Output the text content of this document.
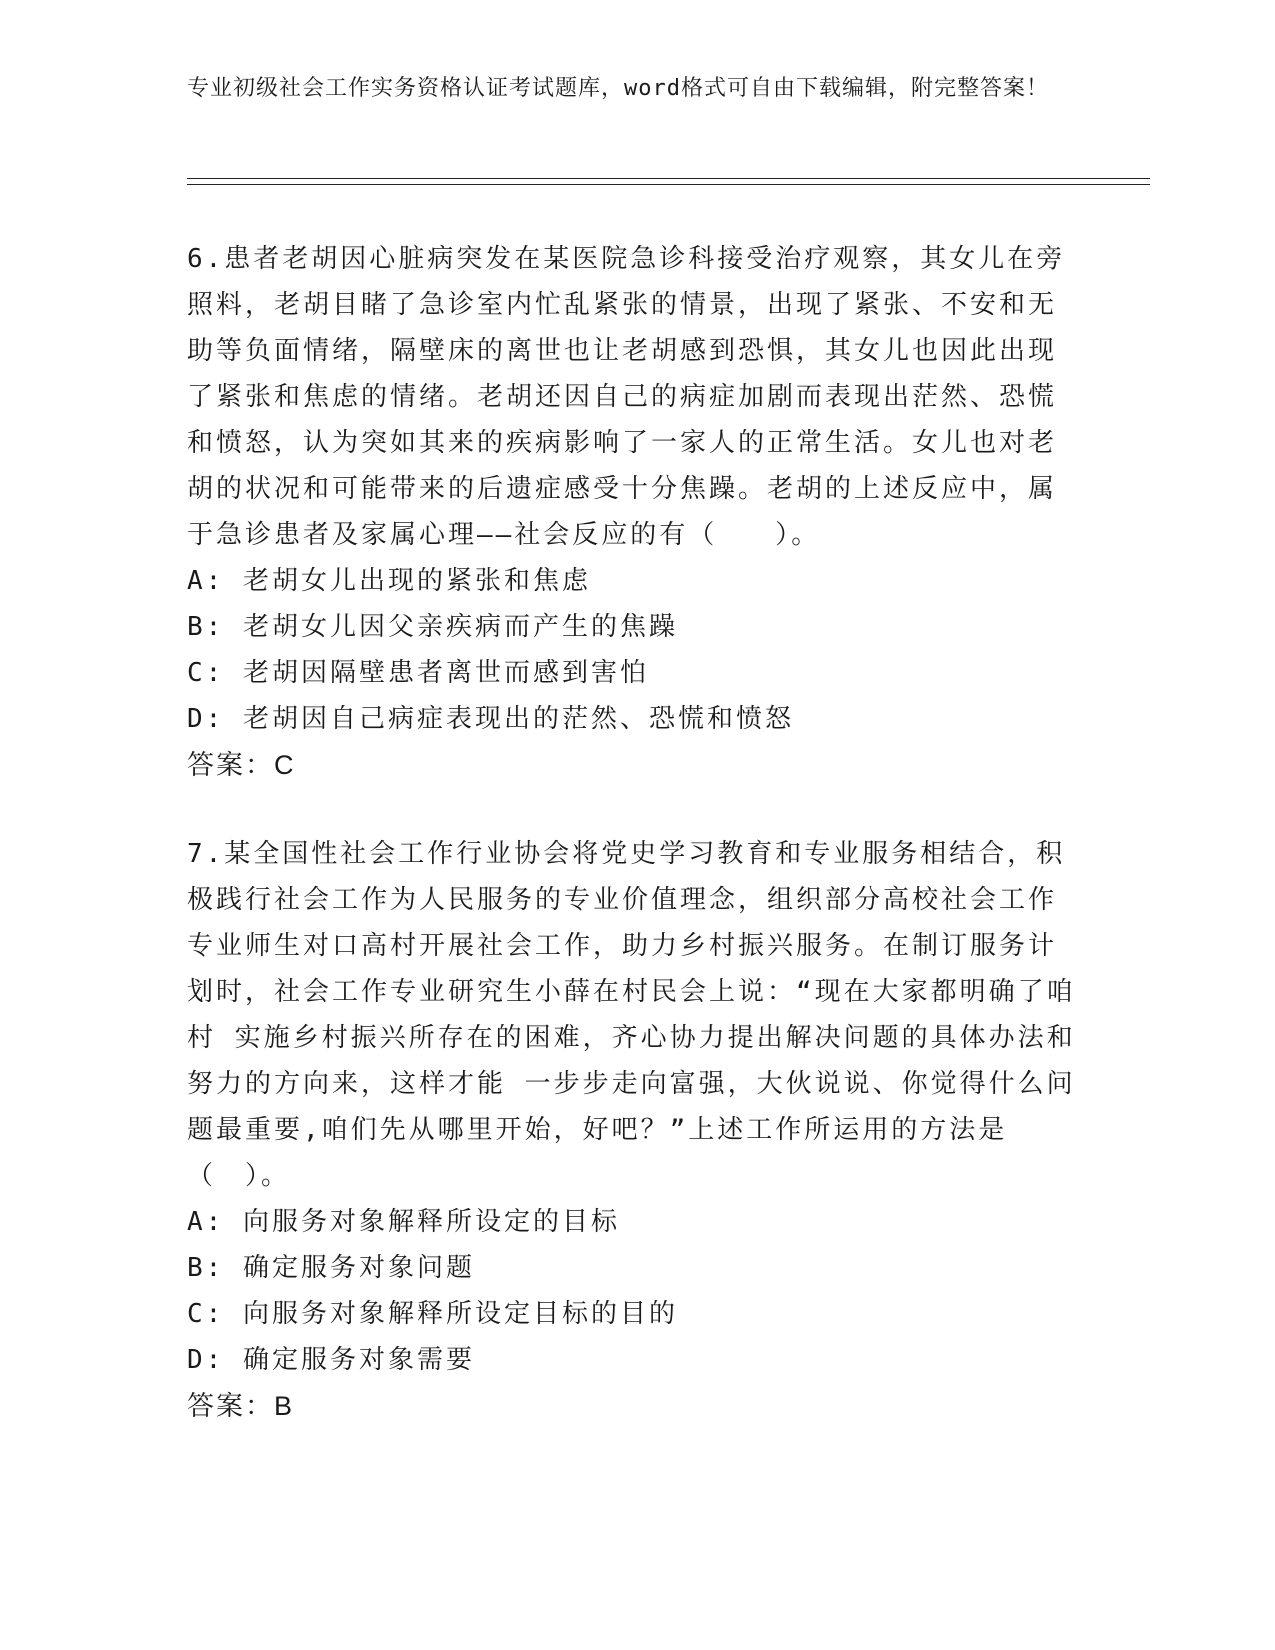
专业初级社会工作实务资格认证考试题库，word格式可自由下载编辑，附完整答案！

6.患者老胡因心脏病突发在某医院急诊科接受治疗观察，其女儿在旁照料，老胡目睹了急诊室内忙乱紧张的情景，出现了紧张、不安和无助等负面情绪，隔壁床的离世也让老胡感到恐惧，其女儿也因此出现了紧张和焦虑的情绪。老胡还因自己的病症加剧而表现出茫然、恐慌和愤怒，认为突如其来的疾病影响了一家人的正常生活。女儿也对老胡的状况和可能带来的后遗症感受十分焦躁。老胡的上述反应中，属于急诊患者及家属心理——社会反应的有（　　）。

A: 老胡女儿出现的紧张和焦虑

B: 老胡女儿因父亲疾病而产生的焦躁

C: 老胡因隔壁患者离世而感到害怕

D: 老胡因自己病症表现出的茫然、恐慌和愤怒

答案：C

7.某全国性社会工作行业协会将党史学习教育和专业服务相结合，积极践行社会工作为人民服务的专业价值理念，组织部分高校社会工作专业师生对口高村开展社会工作，助力乡村振兴服务。在制订服务计划时，社会工作专业研究生小薛在村民会上说：“现在大家都明确了咱村 实施乡村振兴所存在的困难，齐心协力提出解决问题的具体办法和努力的方向来，这样才能 一步步走向富强，大伙说说、你觉得什么问题最重要,咱们先从哪里开始，好吧？”上述工作所运用的方法是（　）。

A: 向服务对象解释所设定的目标

B: 确定服务对象问题

C: 向服务对象解释所设定目标的目的

D: 确定服务对象需要

答案：B
